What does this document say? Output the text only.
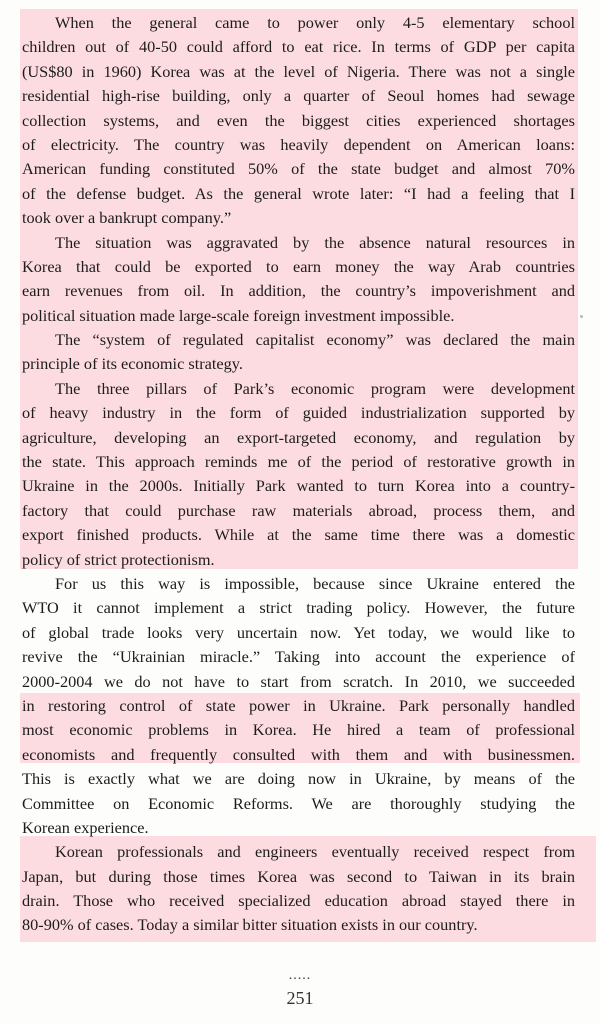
When the general came to power only 4-5 elementary school
children out of 40-50 could afford to eat rice. In terms of GDP per capita
(US$80 in 1960) Korea was at the level of Nigeria. There was not a single
residential high-rise building, only a quarter of Seoul homes had sewage
collection systems, and even the biggest cities experienced shortages
of electricity. The country was heavily dependent on American loans:
American funding constituted 50% of the state budget and almost 70%
of the defense budget. As the general wrote later: “I had a feeling that I
took over a bankrupt company.”
The situation was aggravated by the absence natural resources in
Korea that could be exported to earn money the way Arab countries
earn revenues from oil. In addition, the country’s impoverishment and
political situation made large-scale foreign investment impossible.
The “system of regulated capitalist economy” was declared the main
principle of its economic strategy.
The three pillars of Park’s economic program were development
of heavy industry in the form of guided industrialization supported by
agriculture, developing an export-targeted economy, and regulation by
the state. This approach reminds me of the period of restorative growth in
Ukraine in the 2000s. Initially Park wanted to turn Korea into a country-
factory that could purchase raw materials abroad, process them, and
export finished products. While at the same time there was a domestic
policy of strict protectionism.
For us this way is impossible, because since Ukraine entered the
WTO it cannot implement a strict trading policy. However, the future
of global trade looks very uncertain now. Yet today, we would like to
revive the “Ukrainian miracle.” Taking into account the experience of
2000-2004 we do not have to start from scratch. In 2010, we succeeded
in restoring control of state power in Ukraine. Park personally handled
most economic problems in Korea. He hired a team of professional
economists and frequently consulted with them and with businessmen.
This is exactly what we are doing now in Ukraine, by means of the
Committee on Economic Reforms. We are thoroughly studying the
Korean experience.
Korean professionals and engineers eventually received respect from
Japan, but during those times Korea was second to Taiwan in its brain
drain. Those who received specialized education abroad stayed there in
80-90% of cases. Today a similar bitter situation exists in our country.
.....
251
